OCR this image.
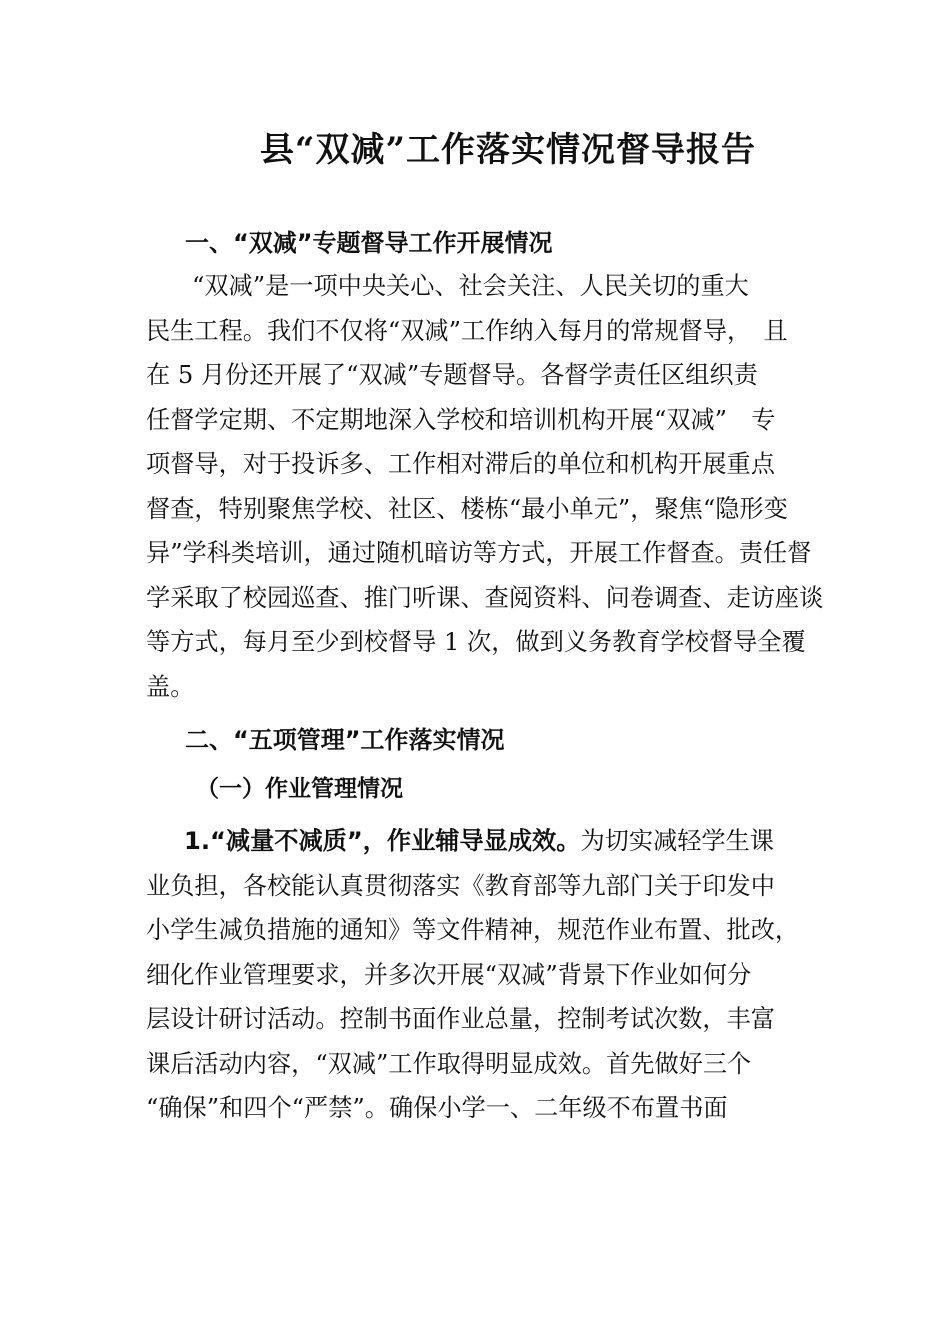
县“双减”工作落实情况督导报告
一、“双减”专题督导工作开展情况
“双减”是一项中央关心、社会关注、人民关切的重大
民生工程。我们不仅将“双减”工作纳入每月的常规督导，　且
在 5 月份还开展了“双减”专题督导。各督学责任区组织责
任督学定期、不定期地深入学校和培训机构开展“双减”　专
项督导，对于投诉多、工作相对滞后的单位和机构开展重点
督查，特别聚焦学校、社区、楼栋“最小单元”，聚焦“隐形变
异”学科类培训，通过随机暗访等方式，开展工作督查。责任督
学采取了校园巡查、推门听课、查阅资料、问卷调查、走访座谈
等方式，每月至少到校督导 1 次，做到义务教育学校督导全覆
盖。
二、“五项管理”工作落实情况
（一）作业管理情况
1.“减量不减质”，作业辅导显成效。为切实减轻学生课
业负担，各校能认真贯彻落实《教育部等九部门关于印发中
小学生减负措施的通知》等文件精神，规范作业布置、批改，
细化作业管理要求，并多次开展“双减”背景下作业如何分
层设计研讨活动。控制书面作业总量，控制考试次数，丰富
课后活动内容，“双减”工作取得明显成效。首先做好三个
“确保”和四个“严禁”。确保小学一、二年级不布置书面
